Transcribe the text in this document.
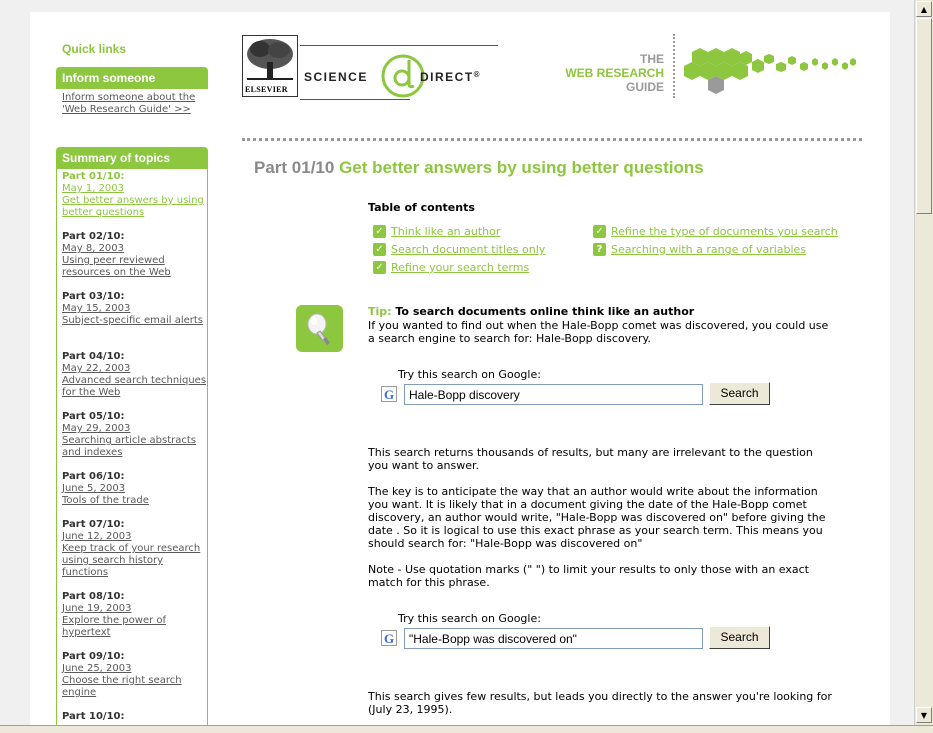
Quick links
Inform someone
Inform someone about the 'Web Research Guide' >>
Summary of topics
Part 01/10:
May 1, 2003
Get better answers by using better questions
Part 02/10:
May 8, 2003
Using peer reviewed resources on the Web
Part 03/10:
May 15, 2003
Subject-specific email alerts
Part 04/10:
May 22, 2003
Advanced search techniques for the Web
Part 05/10:
May 29, 2003
Searching article abstracts and indexes
Part 06/10:
June 5, 2003
Tools of the trade
Part 07/10:
June 12, 2003
Keep track of your research using search history functions
Part 08/10:
June 19, 2003
Explore the power of hypertext
Part 09/10:
June 25, 2003
Choose the right search engine
Part 10/10:
ELSEVIER
SCIENCE	DIRECT®
THE
WEB RESEARCH
GUIDE
Part 01/10 Get better answers by using better questions
Table of contents
✓ Think like an author
✓ Search document titles only
✓ Refine your search terms
✓ Refine the type of documents you search
? Searching with a range of variables
Tip: To search documents online think like an author
If you wanted to find out when the Hale-Bopp comet was discovered, you could use a search engine to search for: Hale-Bopp discovery.
Try this search on Google:
G	Hale-Bopp discovery	Search
This search returns thousands of results, but many are irrelevant to the question you want to answer.
The key is to anticipate the way that an author would write about the information you want. It is likely that in a document giving the date of the Hale-Bopp comet discovery, an author would write, "Hale-Bopp was discovered on" before giving the date . So it is logical to use this exact phrase as your search term. This means you should search for: "Hale-Bopp was discovered on"
Note - Use quotation marks (" ") to limit your results to only those with an exact match for this phrase.
Try this search on Google:
G	"Hale-Bopp was discovered on"	Search
This search gives few results, but leads you directly to the answer you're looking for (July 23, 1995).
▲
▼
